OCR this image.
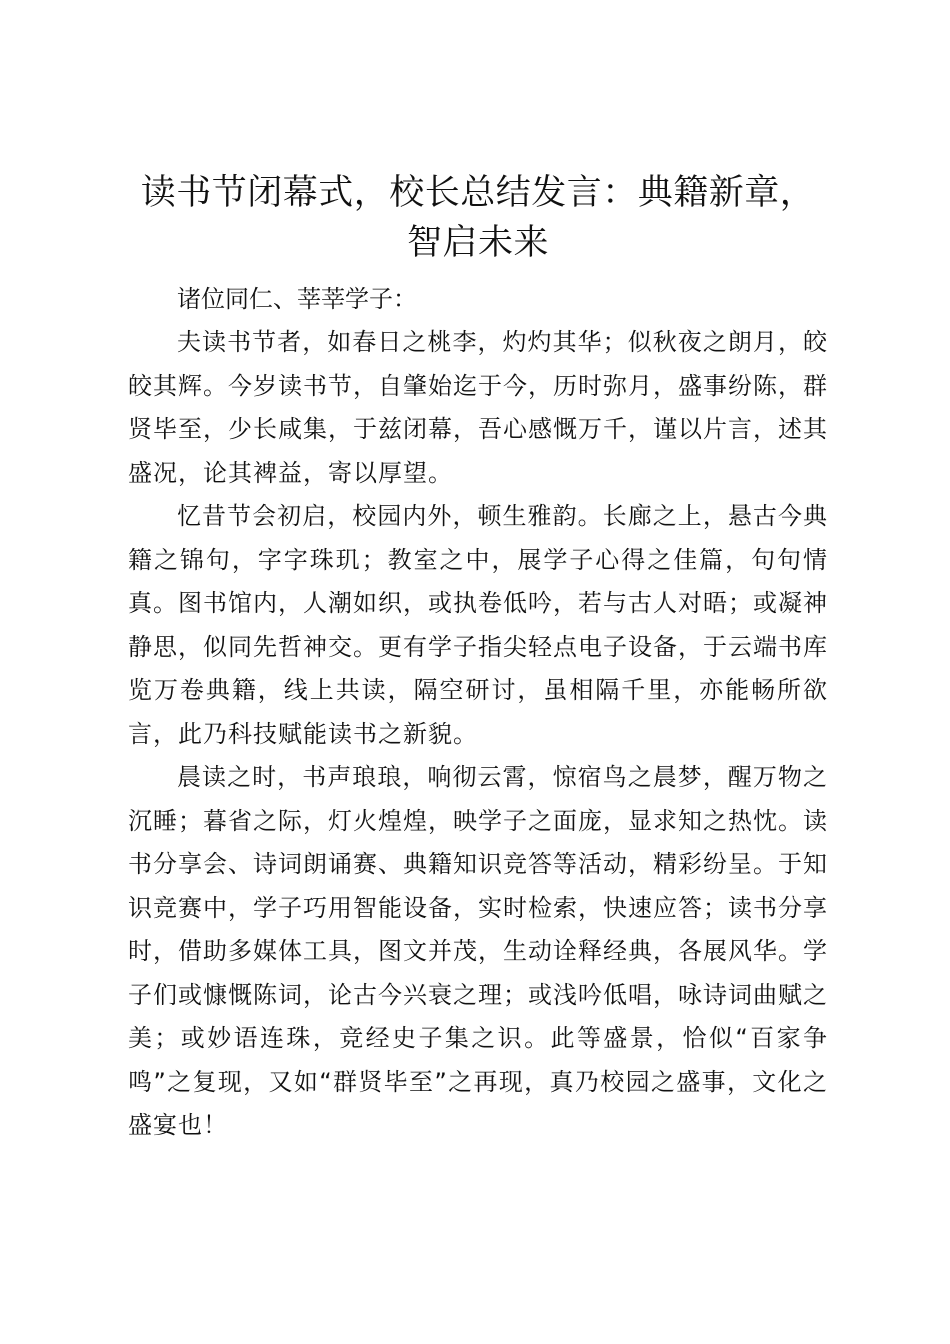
读书节闭幕式，校长总结发言：典籍新章，智启未来

诸位同仁、莘莘学子：

夫读书节者，如春日之桃李，灼灼其华；似秋夜之朗月，皎皎其辉。今岁读书节，自肇始迄于今，历时弥月，盛事纷陈，群贤毕至，少长咸集，于兹闭幕，吾心感慨万千，谨以片言，述其盛况，论其裨益，寄以厚望。

忆昔节会初启，校园内外，顿生雅韵。长廊之上，悬古今典籍之锦句，字字珠玑；教室之中，展学子心得之佳篇，句句情真。图书馆内，人潮如织，或执卷低吟，若与古人对晤；或凝神静思，似同先哲神交。更有学子指尖轻点电子设备，于云端书库览万卷典籍，线上共读，隔空研讨，虽相隔千里，亦能畅所欲言，此乃科技赋能读书之新貌。

晨读之时，书声琅琅，响彻云霄，惊宿鸟之晨梦，醒万物之沉睡；暮省之际，灯火煌煌，映学子之面庞，显求知之热忱。读书分享会、诗词朗诵赛、典籍知识竞答等活动，精彩纷呈。于知识竞赛中，学子巧用智能设备，实时检索，快速应答；读书分享时，借助多媒体工具，图文并茂，生动诠释经典，各展风华。学子们或慷慨陈词，论古今兴衰之理；或浅吟低唱，咏诗词曲赋之美；或妙语连珠，竞经史子集之识。此等盛景，恰似“百家争鸣”之复现，又如“群贤毕至”之再现，真乃校园之盛事，文化之盛宴也！
